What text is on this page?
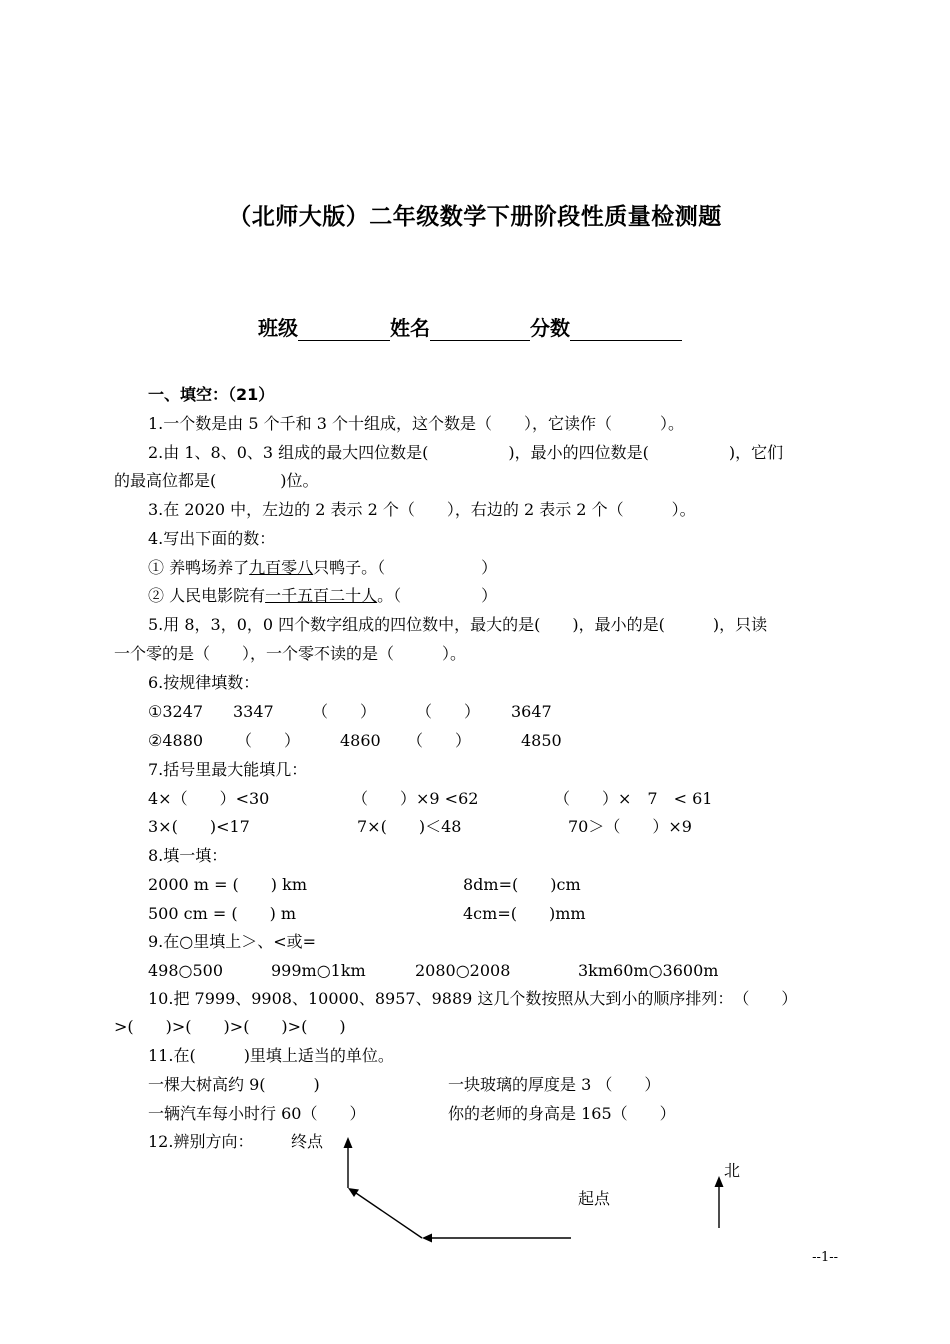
（北师大版）二年级数学下册阶段性质量检测题
班级	姓名	分数
一、填空：（21）
1.一个数是由 5 个千和 3 个十组成，这个数是（　　），它读作（　　　）。
2.由 1、8、0、3 组成的最大四位数是(　　　　　)，最小的四位数是(　　　　　)，它们
的最高位都是(　　　　)位。
3.在 2020 中，左边的 2 表示 2 个（　　），右边的 2 表示 2 个（　　　）。
4.写出下面的数：
① 养鸭场养了九百零八只鸭子。（　　　　　　）
② 人民电影院有一千五百二十人。（　　　　　）
5.用 8，3，0，0 四个数字组成的四位数中，最大的是(　　)，最小的是(　　　)，只读
一个零的是（　　），一个零不读的是（　　　）。
6.按规律填数：
①3247 3347 （　　） （　　） 3647
②4880 （　　） 4860 （　　）	4850
7.括号里最大能填几：
4×（　　）<30	（　　）×9 <62	（　　）×　7　< 61
3×(　　)<17	7×(　　)＜48	70＞（　　）×9
8.填一填：
2000 m = (　　) km	8dm=(　　)cm
500 cm = (　　) m	4cm=(　　)mm
9.在○里填上＞、<或=
498○500	999m○1km	2080○2008	3km60m○3600m
10.把 7999、9908、10000、8957、9889 这几个数按照从大到小的顺序排列：　（　　）
>(　　)>(　　)>(　　)>(　　)
11.在(　　　)里填上适当的单位。
一棵大树高约 9(　　　)	一块玻璃的厚度是 3 （　　）
一辆汽车每小时行 60（　　）	你的老师的身高是 165（　　）
12.辨别方向： 终点
起点
北
--1--
